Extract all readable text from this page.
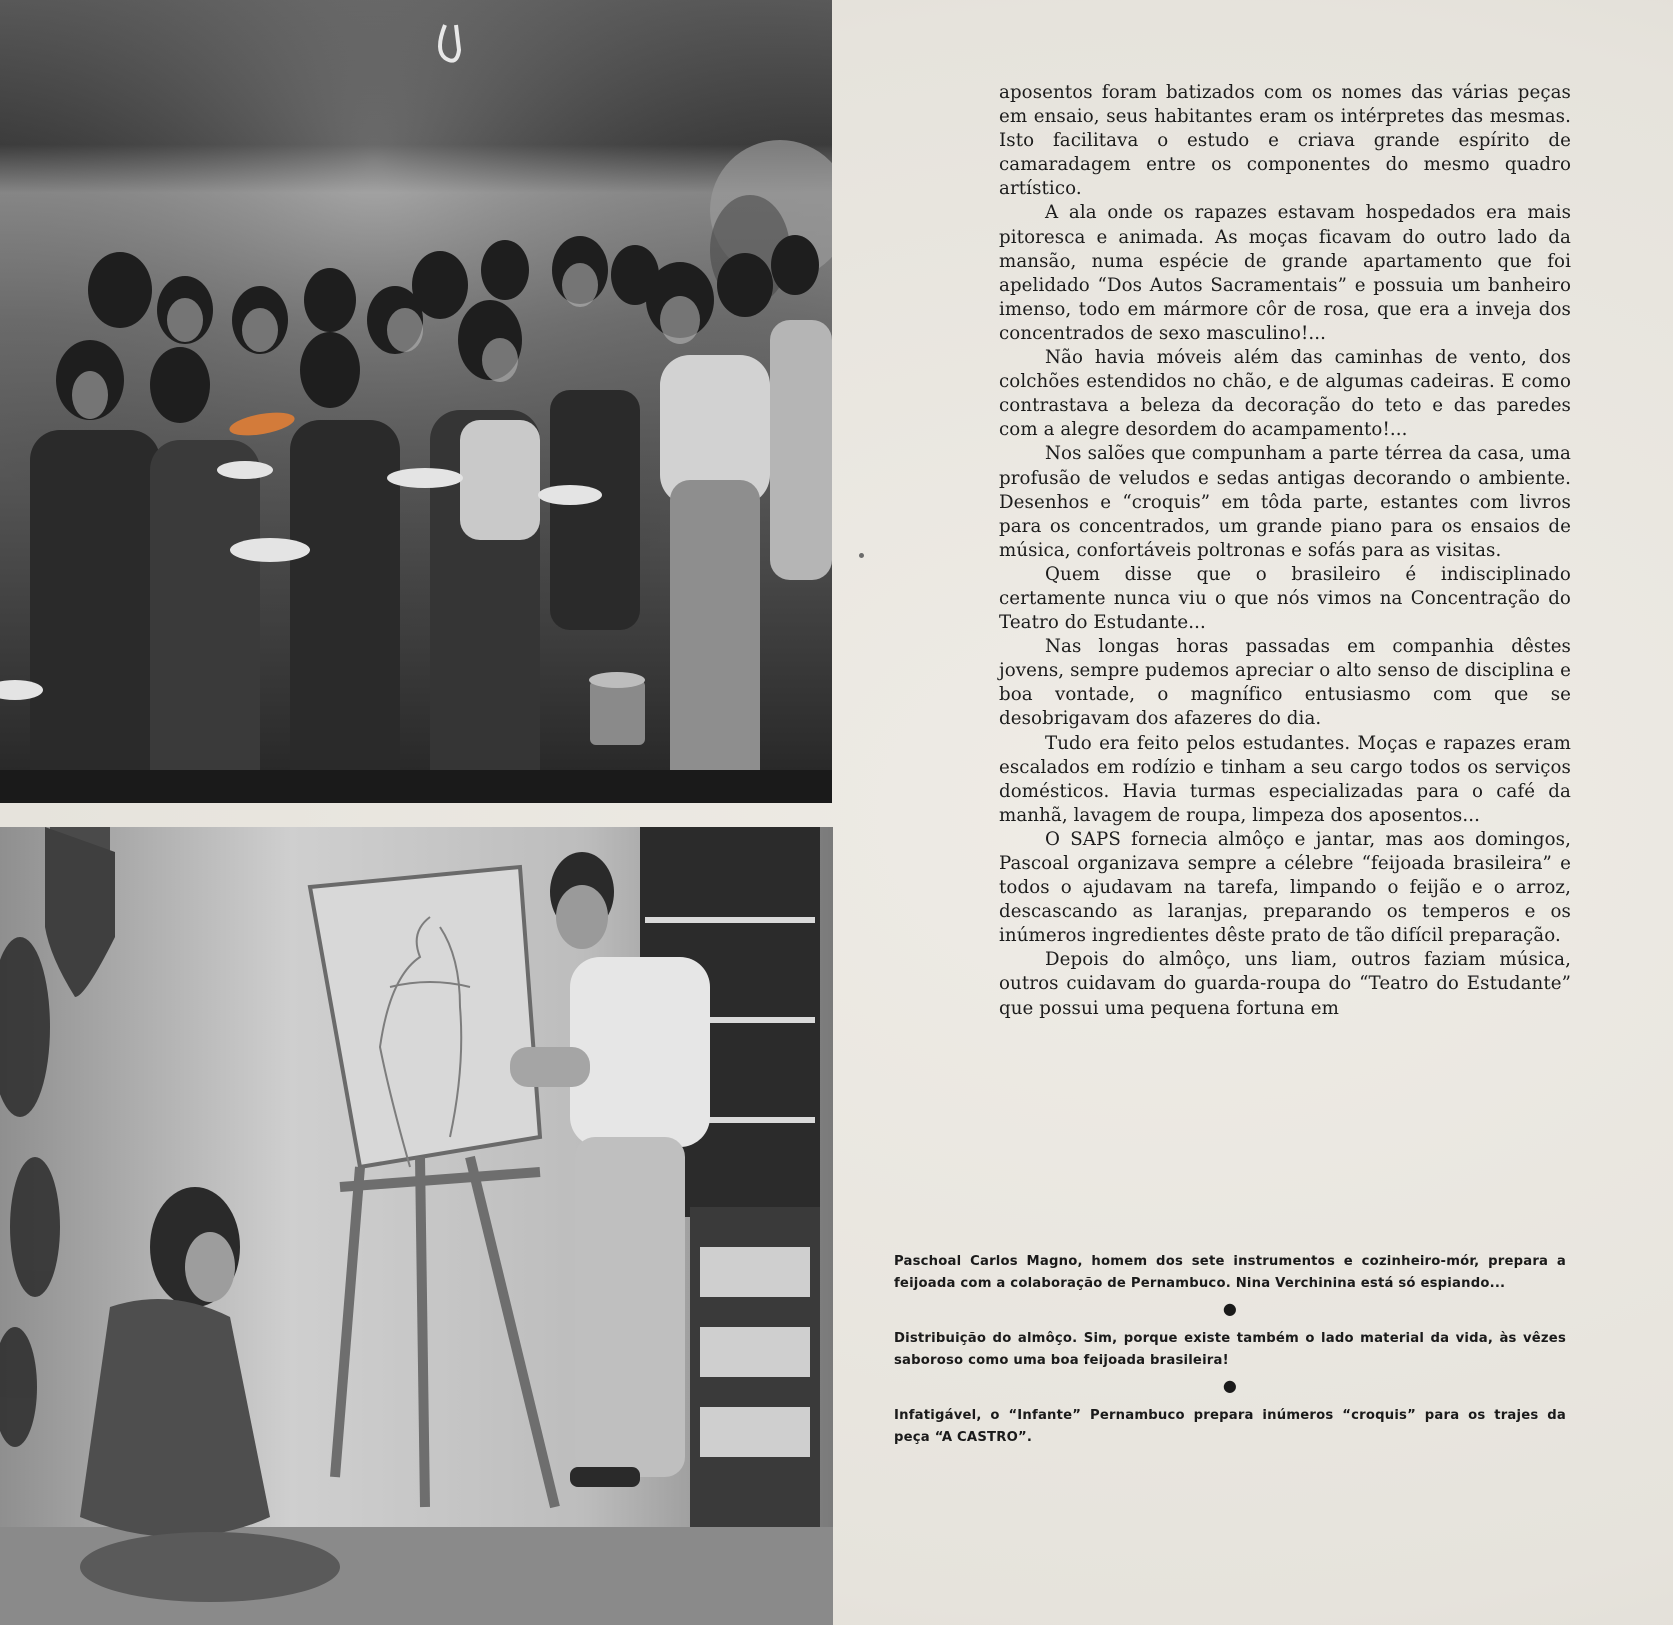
aposentos foram batizados com os nomes das várias peças em ensaio, seus habitantes eram os intérpretes das mesmas. Isto facilitava o estudo e criava grande espírito de camaradagem entre os componentes do mesmo quadro artístico.

A ala onde os rapazes estavam hospedados era mais pitoresca e animada. As moças ficavam do outro lado da mansão, numa espécie de grande apartamento que foi apelidado “Dos Autos Sacramentais” e possuia um banheiro imenso, todo em mármore côr de rosa, que era a inveja dos concentrados de sexo masculino!...

Não havia móveis além das caminhas de vento, dos colchões estendidos no chão, e de algumas cadeiras. E como contrastava a beleza da decoração do teto e das paredes com a alegre desordem do acampamento!...

Nos salões que compunham a parte térrea da casa, uma profusão de veludos e sedas antigas decorando o ambiente. Desenhos e “croquis” em tôda parte, estantes com livros para os concentrados, um grande piano para os ensaios de música, confortáveis poltronas e sofás para as visitas.

Quem disse que o brasileiro é indisciplinado certamente nunca viu o que nós vimos na Concentração do Teatro do Estudante...

Nas longas horas passadas em companhia dêstes jovens, sempre pudemos apreciar o alto senso de disciplina e boa vontade, o magnífico entusiasmo com que se desobrigavam dos afazeres do dia.

Tudo era feito pelos estudantes. Moças e rapazes eram escalados em rodízio e tinham a seu cargo todos os serviços domésticos. Havia turmas especializadas para o café da manhã, lavagem de roupa, limpeza dos aposentos...

O SAPS fornecia almôço e jantar, mas aos domingos, Pascoal organizava sempre a célebre “feijoada brasileira” e todos o ajudavam na tarefa, limpando o feijão e o arroz, descascando as laranjas, preparando os temperos e os inúmeros ingredientes dêste prato de tão difícil preparação.

Depois do almôço, uns liam, outros faziam música, outros cuidavam do guarda-roupa do “Teatro do Estudante” que possui uma pequena fortuna em

Paschoal Carlos Magno, homem dos sete instrumentos e cozinheiro-mór, prepara a feijoada com a colaboração de Pernambuco. Nina Verchinina está só espiando...

●

Distribuição do almôço. Sim, porque existe também o lado material da vida, às vêzes saboroso como uma boa feijoada brasileira!

●

Infatigável, o “Infante” Pernambuco prepara inúmeros “croquis” para os trajes da peça “A CASTRO”.
